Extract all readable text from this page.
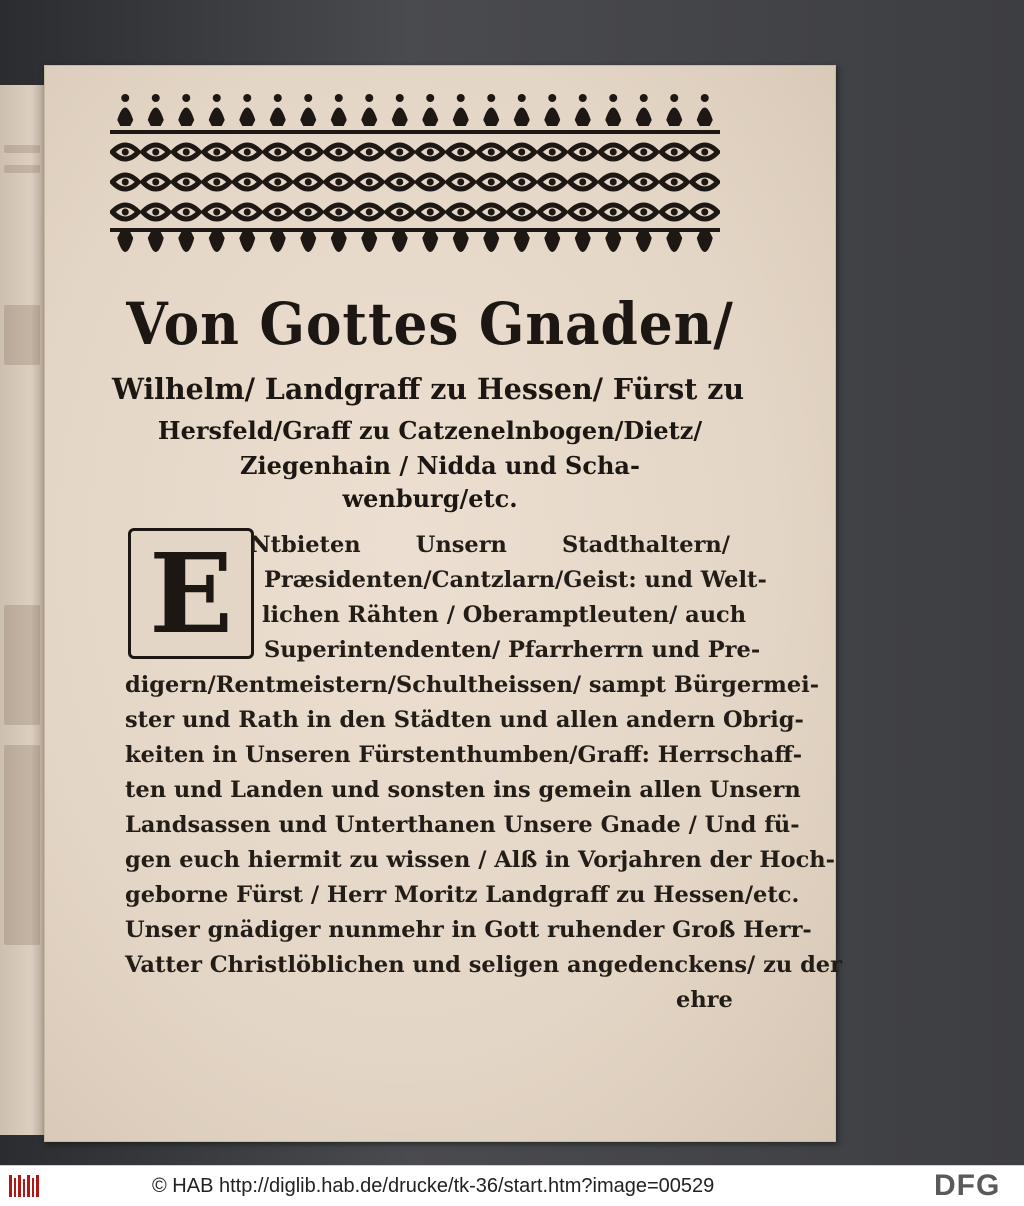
Von Gottes Gnaden/
Wilhelm/ Landgraff zu Hessen/ Fürst zu
Hersfeld/Graff zu Catzenelnbogen/Dietz/
Ziegenhain / Nidda und Scha-
wenburg/etc.
E Ntbieten Unsern Stadthaltern/
Præsidenten/Cantzlarn/Geist: und Welt-
lichen Rähten / Oberamptleuten/ auch
Superintendenten/ Pfarrherrn und Pre-
digern/Rentmeistern/Schultheissen/ sampt Bürgermei-
ster und Rath in den Städten und allen andern Obrig-
keiten in Unseren Fürstenthumben/Graff: Herrschaff-
ten und Landen und sonsten ins gemein allen Unsern
Landsassen und Unterthanen Unsere Gnade / Und fü-
gen euch hiermit zu wissen / Alß in Vorjahren der Hoch-
geborne Fürst / Herr Moritz Landgraff zu Hessen/etc.
Unser gnädiger nunmehr in Gott ruhender Groß Herr-
Vatter Christlöblichen und seligen angedenckens/ zu der
ehre
© HAB http://diglib.hab.de/drucke/tk-36/start.htm?image=00529	DFG
